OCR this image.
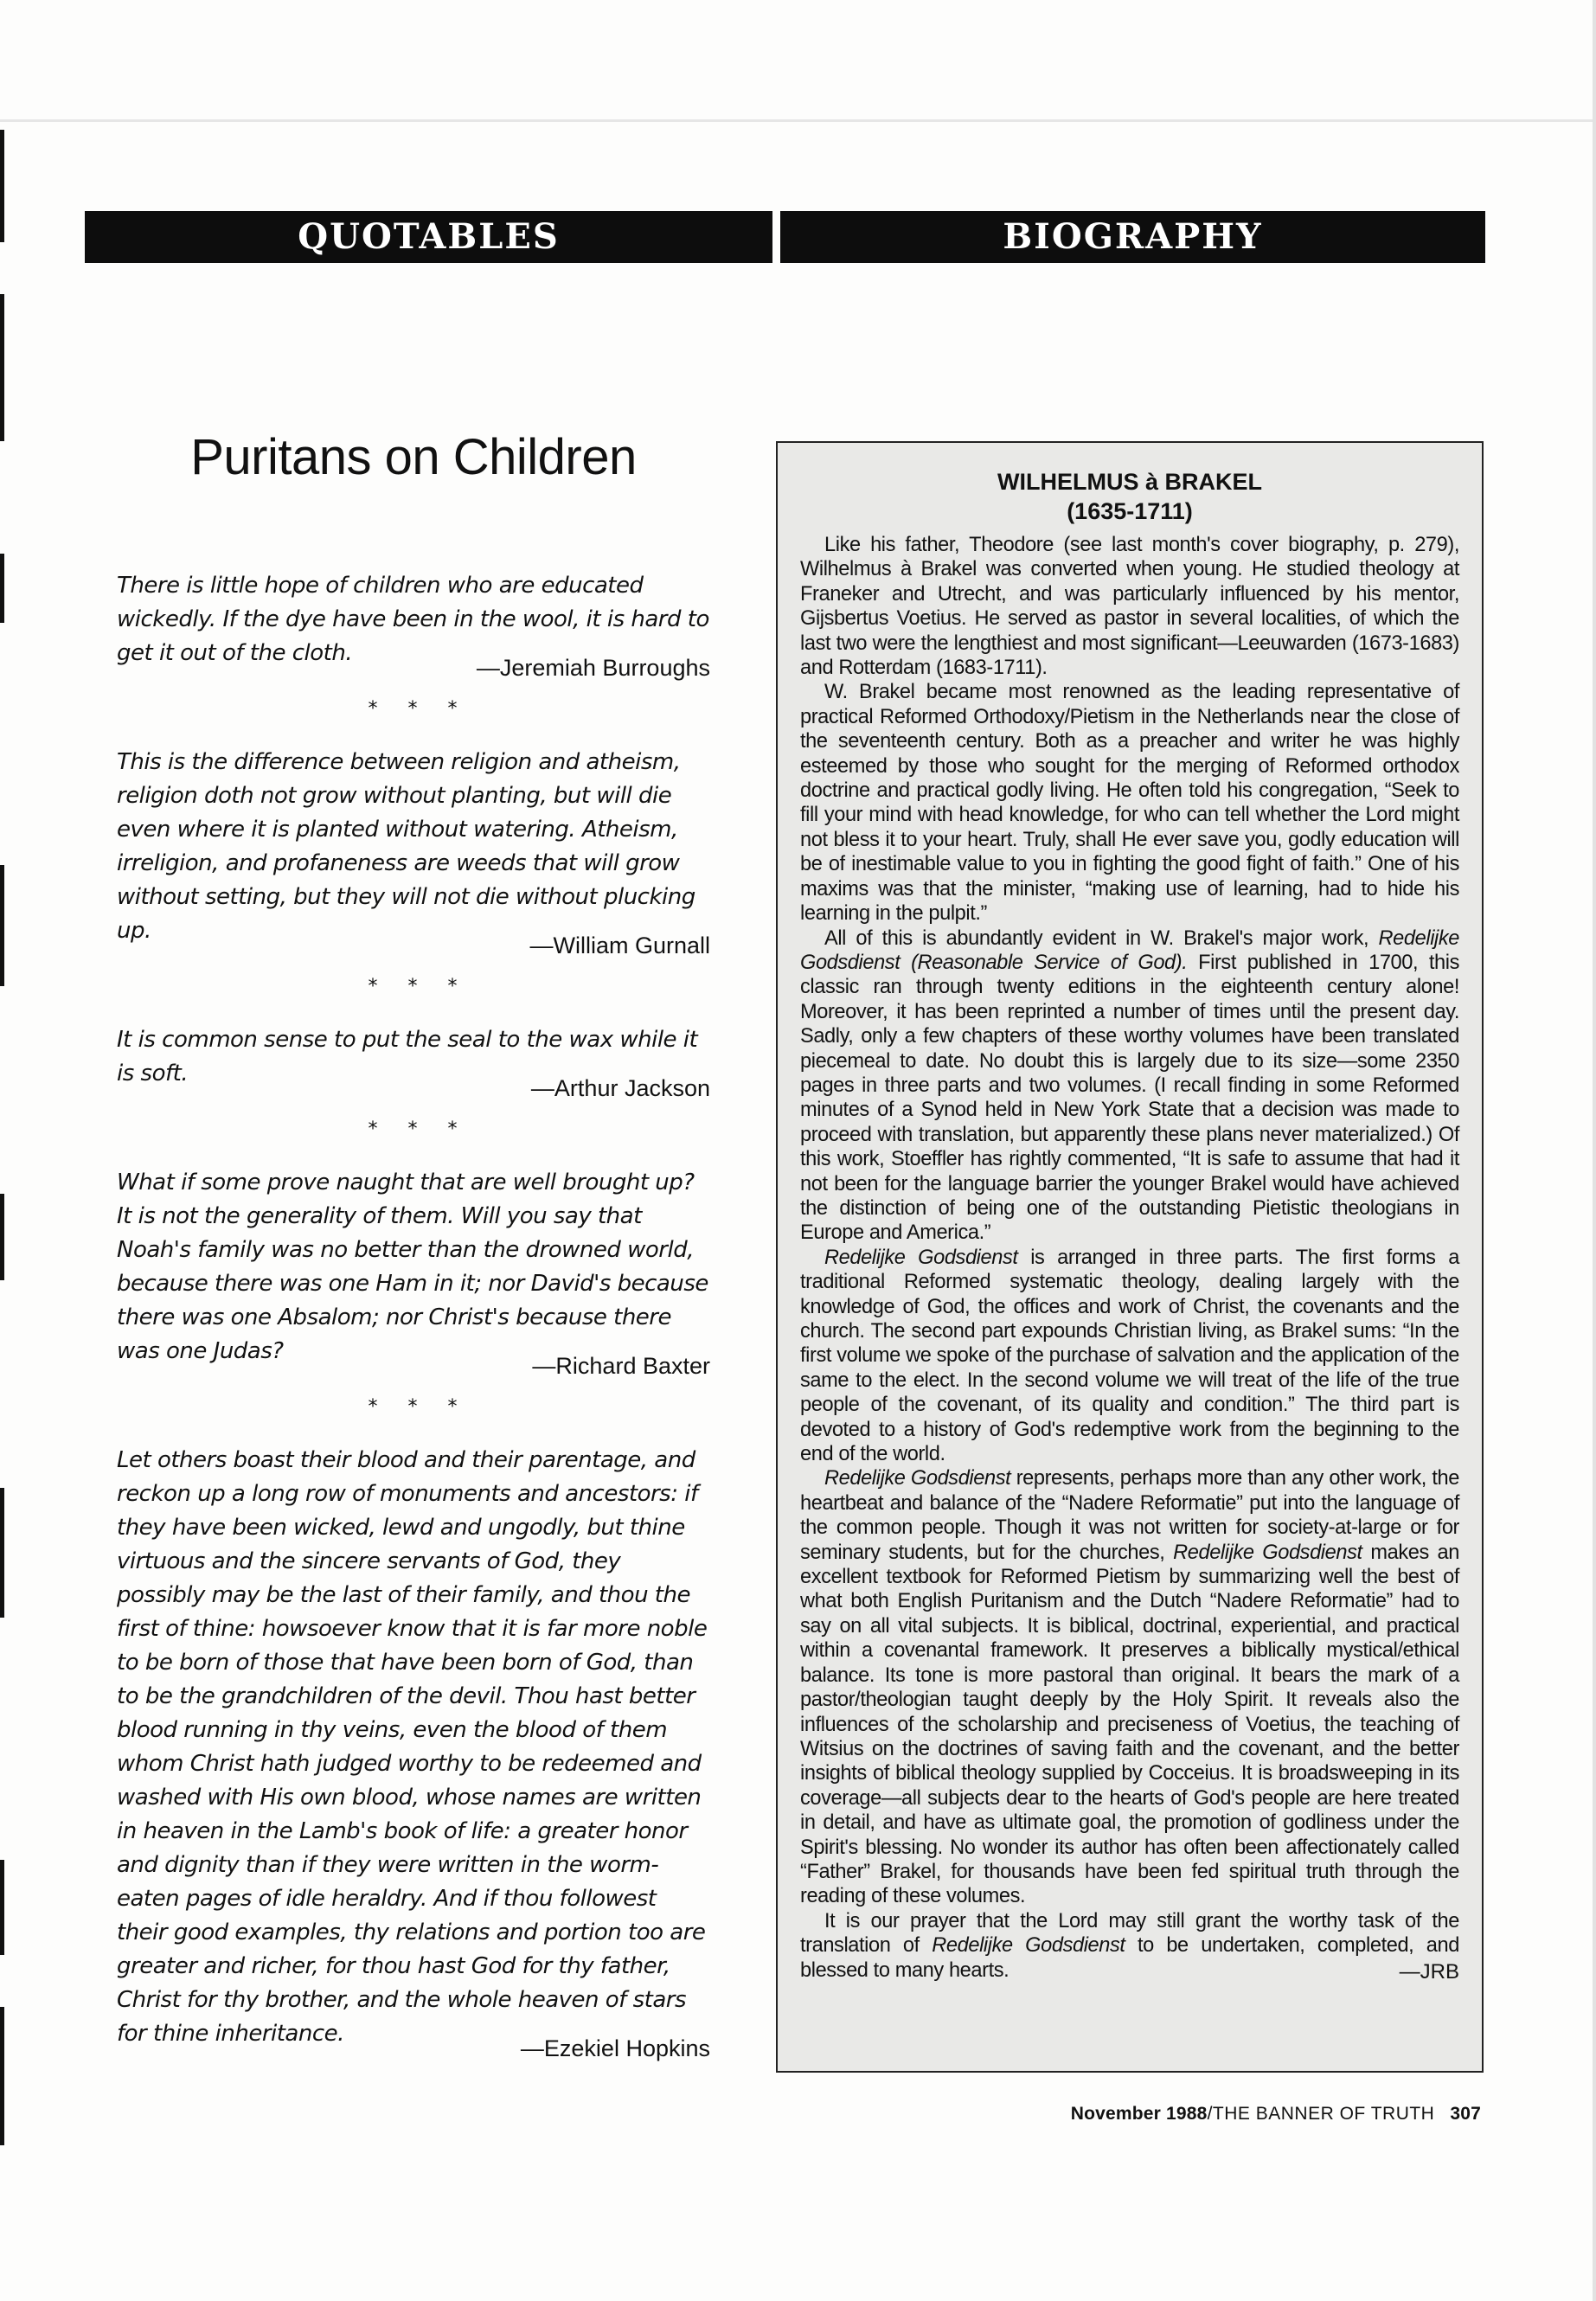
QUOTABLES	BIOGRAPHY
Puritans on Children

There is little hope of children who are educated wickedly. If the dye have been in the wool, it is hard to get it out of the cloth.

—Jeremiah Burroughs
* * *

This is the difference between religion and atheism, religion doth not grow without planting, but will die even where it is planted without watering. Atheism, irreligion, and profaneness are weeds that will grow without setting, but they will not die without plucking up.

—William Gurnall
* * *

It is common sense to put the seal to the wax while it is soft.

—Arthur Jackson
* * *

What if some prove naught that are well brought up? It is not the generality of them. Will you say that Noah's family was no better than the drowned world, because there was one Ham in it; nor David's because there was one Absalom; nor Christ's because there was one Judas?

—Richard Baxter
* * *

Let others boast their blood and their parentage, and reckon up a long row of monuments and ancestors: if they have been wicked, lewd and ungodly, but thine virtuous and the sincere servants of God, they possibly may be the last of their family, and thou the first of thine: howsoever know that it is far more noble to be born of those that have been born of God, than to be the grandchildren of the devil. Thou hast better blood running in thy veins, even the blood of them whom Christ hath judged worthy to be redeemed and washed with His own blood, whose names are written in heaven in the Lamb's book of life: a greater honor and dignity than if they were written in the worm-eaten pages of idle heraldry. And if thou followest their good examples, thy relations and portion too are greater and richer, for thou hast God for thy father, Christ for thy brother, and the whole heaven of stars for thine inheritance.

—Ezekiel Hopkins

WILHELMUS à BRAKEL

(1635-1711)

Like his father, Theodore (see last month's cover biography, p. 279), Wilhelmus à Brakel was converted when young. He studied theology at Franeker and Utrecht, and was particularly influenced by his mentor, Gijsbertus Voetius. He served as pastor in several localities, of which the last two were the lengthiest and most significant—Leeuwarden (1673-1683) and Rotterdam (1683-1711).

W. Brakel became most renowned as the leading representative of practical Reformed Orthodoxy/Pietism in the Netherlands near the close of the seventeenth century. Both as a preacher and writer he was highly esteemed by those who sought for the merging of Reformed orthodox doctrine and practical godly living. He often told his congregation, “Seek to fill your mind with head knowledge, for who can tell whether the Lord might not bless it to your heart. Truly, shall He ever save you, godly education will be of inestimable value to you in fighting the good fight of faith.” One of his maxims was that the minister, “making use of learning, had to hide his learning in the pulpit.”

All of this is abundantly evident in W. Brakel's major work, Redelijke Godsdienst (Reasonable Service of God). First published in 1700, this classic ran through twenty editions in the eighteenth century alone! Moreover, it has been reprinted a number of times until the present day. Sadly, only a few chapters of these worthy volumes have been translated piecemeal to date. No doubt this is largely due to its size—some 2350 pages in three parts and two volumes. (I recall finding in some Reformed minutes of a Synod held in New York State that a decision was made to proceed with translation, but apparently these plans never materialized.) Of this work, Stoeffler has rightly commented, “It is safe to assume that had it not been for the language barrier the younger Brakel would have achieved the distinction of being one of the outstanding Pietistic theologians in Europe and America.”

Redelijke Godsdienst is arranged in three parts. The first forms a traditional Reformed systematic theology, dealing largely with the knowledge of God, the offices and work of Christ, the covenants and the church. The second part expounds Christian living, as Brakel sums: “In the first volume we spoke of the purchase of salvation and the application of the same to the elect. In the second volume we will treat of the life of the true people of the covenant, of its quality and condition.” The third part is devoted to a history of God's redemptive work from the beginning to the end of the world.

Redelijke Godsdienst represents, perhaps more than any other work, the heartbeat and balance of the “Nadere Reformatie” put into the language of the common people. Though it was not written for society-at-large or for seminary students, but for the churches, Redelijke Godsdienst makes an excellent textbook for Reformed Pietism by summarizing well the best of what both English Puritanism and the Dutch “Nadere Reformatie” had to say on all vital subjects. It is biblical, doctrinal, experiential, and practical within a covenantal framework. It preserves a biblically mystical/ethical balance. Its tone is more pastoral than original. It bears the mark of a pastor/theologian taught deeply by the Holy Spirit. It reveals also the influences of the scholarship and preciseness of Voetius, the teaching of Witsius on the doctrines of saving faith and the covenant, and the better insights of biblical theology supplied by Cocceius. It is broadsweeping in its coverage—all subjects dear to the hearts of God's people are here treated in detail, and have as ultimate goal, the promotion of godliness under the Spirit's blessing. No wonder its author has often been affectionately called “Father” Brakel, for thousands have been fed spiritual truth through the reading of these volumes.

It is our prayer that the Lord may still grant the worthy task of the translation of Redelijke Godsdienst to be undertaken, completed, and blessed to many hearts.	—JRB
November 1988/THE BANNER OF TRUTH 307
